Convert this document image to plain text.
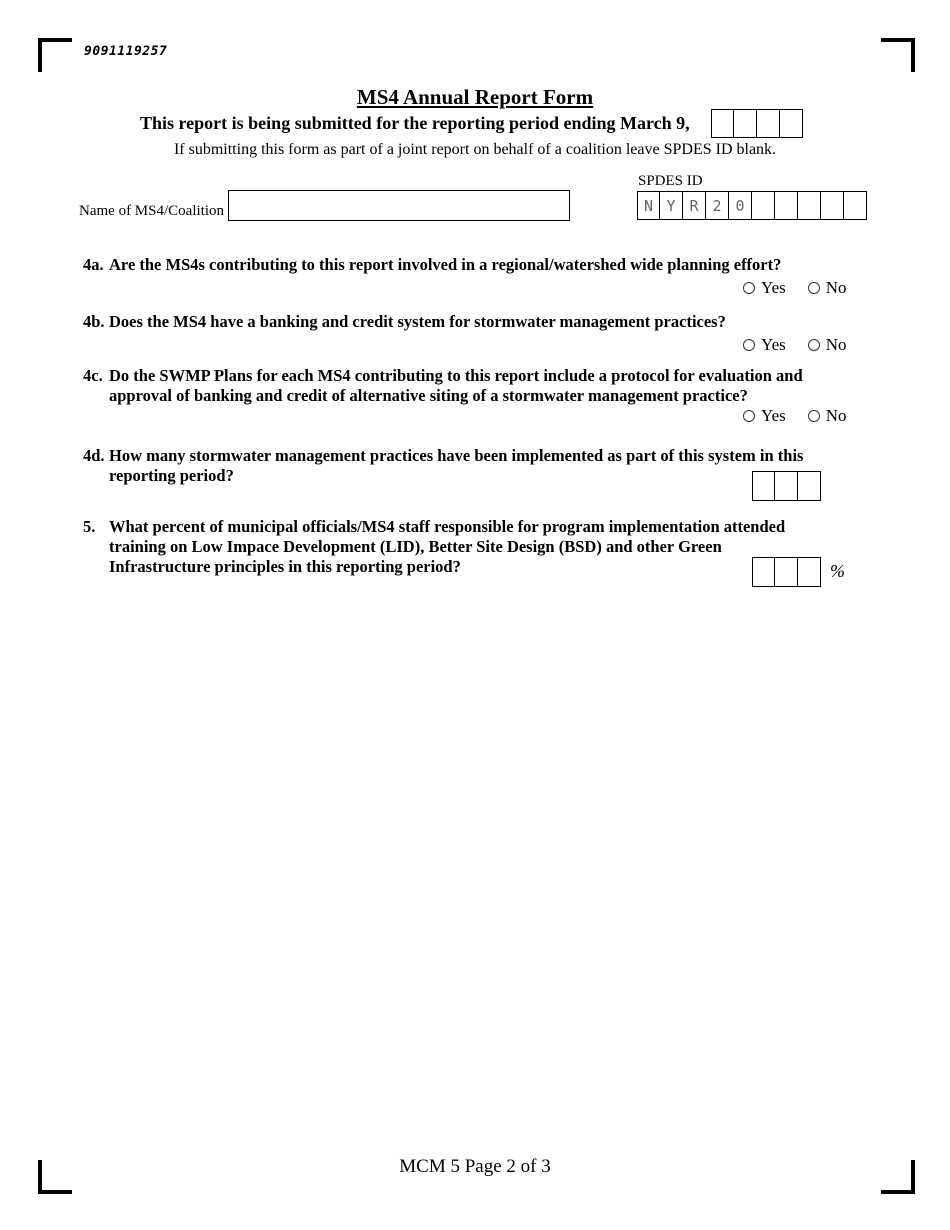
9091119257
MS4 Annual Report Form
This report is being submitted for the reporting period ending March 9,
If submitting this form as part of a joint report on behalf of a coalition leave SPDES ID blank.
SPDES ID
N Y R 2 0
Name of MS4/Coalition
4a. Are the MS4s contributing to this report involved in a regional/watershed wide planning effort?
Yes No
4b. Does the MS4 have a banking and credit system for stormwater management practices?
Yes No
4c. Do the SWMP Plans for each MS4 contributing to this report include a protocol for evaluation and approval of banking and credit of alternative siting of a stormwater management practice?
Yes No
4d. How many stormwater management practices have been implemented as part of this system in this reporting period?
5. What percent of municipal officials/MS4 staff responsible for program implementation attended training on Low Impace Development (LID), Better Site Design (BSD) and other Green Infrastructure principles in this reporting period?	%
MCM 5 Page 2 of 3
